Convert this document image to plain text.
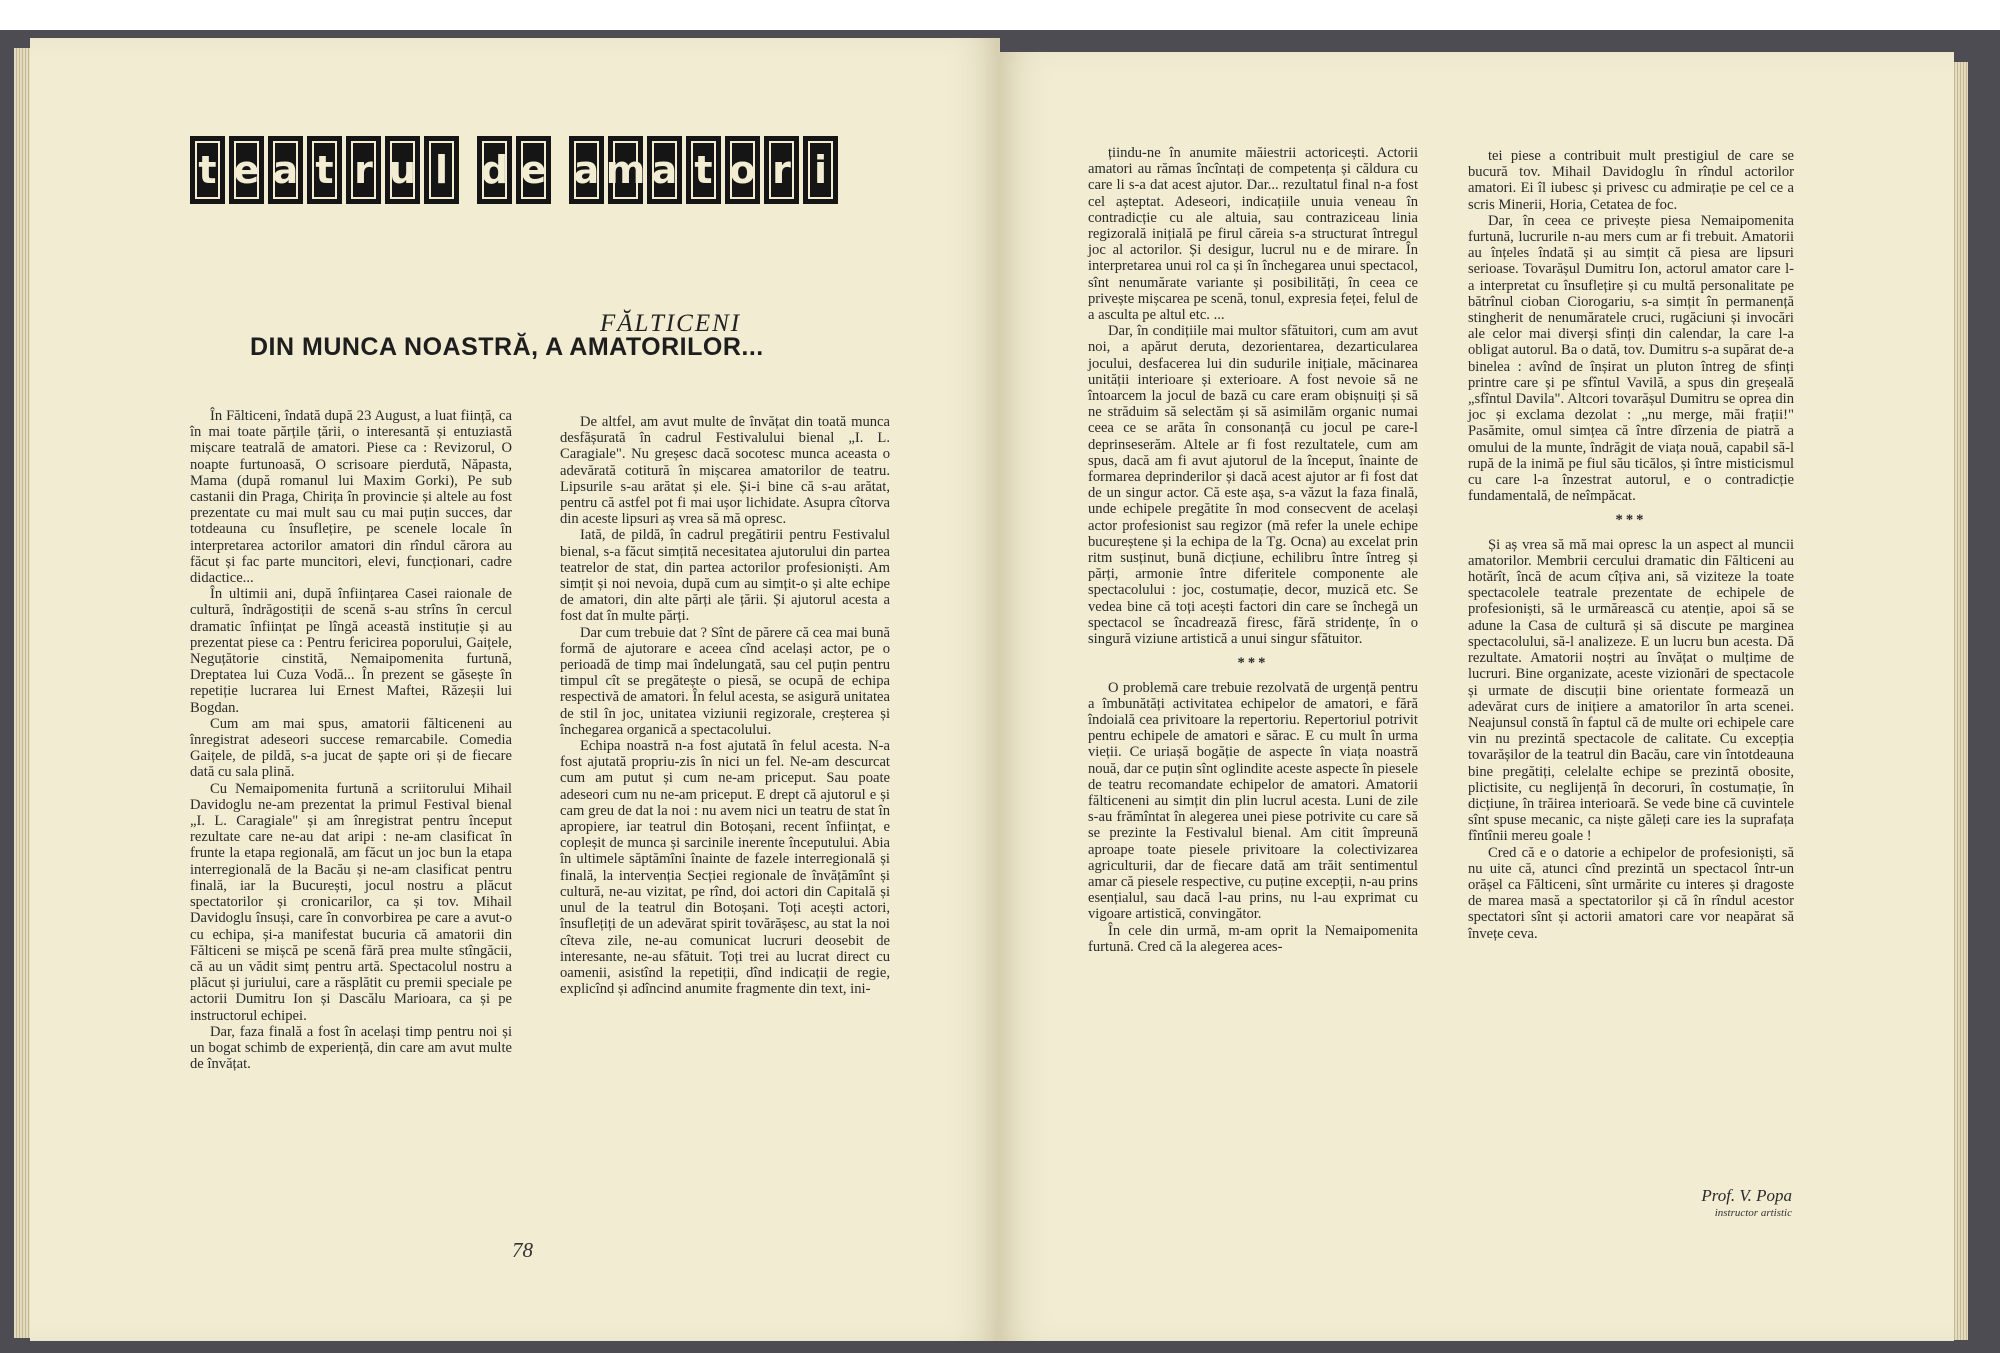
t e a t r u l d e a m a t o r i
FĂLTICENI
DIN MUNCA NOASTRĂ, A AMATORILOR...

În Fălticeni, îndată după 23 August, a luat ființă, ca în mai toate părțile țării, o interesantă și entuziastă mișcare teatrală de amatori. Piese ca : Revizorul, O noapte furtunoasă, O scrisoare pierdută, Năpasta, Mama (după romanul lui Maxim Gorki), Pe sub castanii din Praga, Chirița în provincie și altele au fost prezentate cu mai mult sau cu mai puțin succes, dar totdeauna cu însuflețire, pe scenele locale în interpretarea actorilor amatori din rîndul cărora au făcut și fac parte muncitori, elevi, funcționari, cadre didactice...

În ultimii ani, după înființarea Casei raionale de cultură, îndrăgostiții de scenă s-au strîns în cercul dramatic înființat pe lîngă această instituție și au prezentat piese ca : Pentru fericirea poporului, Gaițele, Neguțătorie cinstită, Nemaipomenita furtună, Dreptatea lui Cuza Vodă... În prezent se găsește în repetiție lucrarea lui Ernest Maftei, Răzeșii lui Bogdan.

Cum am mai spus, amatorii fălticeneni au înregistrat adeseori succese remarcabile. Comedia Gaițele, de pildă, s-a jucat de șapte ori și de fiecare dată cu sala plină.

Cu Nemaipomenita furtună a scriitorului Mihail Davidoglu ne-am prezentat la primul Festival bienal „I. L. Caragiale" și am înregistrat pentru început rezultate care ne-au dat aripi : ne-am clasificat în frunte la etapa regională, am făcut un joc bun la etapa interregională de la Bacău și ne-am clasificat pentru finală, iar la București, jocul nostru a plăcut spectatorilor și cronicarilor, ca și tov. Mihail Davidoglu însuși, care în convorbirea pe care a avut-o cu echipa, și-a manifestat bucuria că amatorii din Fălticeni se mișcă pe scenă fără prea multe stîngăcii, că au un vădit simț pentru artă. Spectacolul nostru a plăcut și juriului, care a răsplătit cu premii speciale pe actorii Dumitru Ion și Dascălu Marioara, ca și pe instructorul echipei.

Dar, faza finală a fost în același timp pentru noi și un bogat schimb de experiență, din care am avut multe de învățat.

De altfel, am avut multe de învățat din toată munca desfășurată în cadrul Festivalului bienal „I. L. Caragiale". Nu greșesc dacă socotesc munca aceasta o adevărată cotitură în mișcarea amatorilor de teatru. Lipsurile s-au arătat și ele. Și-i bine că s-au arătat, pentru că astfel pot fi mai ușor lichidate. Asupra cîtorva din aceste lipsuri aș vrea să mă opresc.

Iată, de pildă, în cadrul pregătirii pentru Festivalul bienal, s-a făcut simțită necesitatea ajutorului din partea teatrelor de stat, din partea actorilor profesioniști. Am simțit și noi nevoia, după cum au simțit-o și alte echipe de amatori, din alte părți ale țării. Și ajutorul acesta a fost dat în multe părți.

Dar cum trebuie dat ? Sînt de părere că cea mai bună formă de ajutorare e aceea cînd același actor, pe o perioadă de timp mai îndelungată, sau cel puțin pentru timpul cît se pregătește o piesă, se ocupă de echipa respectivă de amatori. În felul acesta, se asigură unitatea de stil în joc, unitatea viziunii regizorale, creșterea și închegarea organică a spectacolului.

Echipa noastră n-a fost ajutată în felul acesta. N-a fost ajutată propriu-zis în nici un fel. Ne-am descurcat cum am putut și cum ne-am priceput. Sau poate adeseori cum nu ne-am priceput. E drept că ajutorul e și cam greu de dat la noi : nu avem nici un teatru de stat în apropiere, iar teatrul din Botoșani, recent înființat, e copleșit de munca și sarcinile inerente începutului. Abia în ultimele săptămîni înainte de fazele interregională și finală, la intervenția Secției regionale de învățămînt și cultură, ne-au vizitat, pe rînd, doi actori din Capitală și unul de la teatrul din Botoșani. Toți acești actori, însuflețiți de un adevărat spirit tovărășesc, au stat la noi cîteva zile, ne-au comunicat lucruri deosebit de interesante, ne-au sfătuit. Toți trei au lucrat direct cu oamenii, asistînd la repetiții, dînd indicații de regie, explicînd și adîncind anumite fragmente din text, ini-

țiindu-ne în anumite măiestrii actoricești. Actorii amatori au rămas încîntați de competența și căldura cu care li s-a dat acest ajutor. Dar... rezultatul final n-a fost cel așteptat. Adeseori, indicațiile unuia veneau în contradicție cu ale altuia, sau contraziceau linia regizorală inițială pe firul căreia s-a structurat întregul joc al actorilor. Și desigur, lucrul nu e de mirare. În interpretarea unui rol ca și în închegarea unui spectacol, sînt nenumărate variante și posibilități, în ceea ce privește mișcarea pe scenă, tonul, expresia feței, felul de a asculta pe altul etc. ...

Dar, în condițiile mai multor sfătuitori, cum am avut noi, a apărut deruta, dezorientarea, dezarticularea jocului, desfacerea lui din sudurile inițiale, măcinarea unității interioare și exterioare. A fost nevoie să ne întoarcem la jocul de bază cu care eram obișnuiți și să ne străduim să selectăm și să asimilăm organic numai ceea ce se arăta în consonanță cu jocul pe care-l deprinseserăm. Altele ar fi fost rezultatele, cum am spus, dacă am fi avut ajutorul de la început, înainte de formarea deprinderilor și dacă acest ajutor ar fi fost dat de un singur actor. Că este așa, s-a văzut la faza finală, unde echipele pregătite în mod consecvent de același actor profesionist sau regizor (mă refer la unele echipe bucureștene și la echipa de la Tg. Ocna) au excelat prin ritm susținut, bună dicțiune, echilibru între întreg și părți, armonie între diferitele componente ale spectacolului : joc, costumație, decor, muzică etc. Se vedea bine că toți acești factori din care se închegă un spectacol se încadrează firesc, fără stridențe, în o singură viziune artistică a unui singur sfătuitor.

***

O problemă care trebuie rezolvată de urgență pentru a îmbunătăți activitatea echipelor de amatori, e fără îndoială cea privitoare la repertoriu. Repertoriul potrivit pentru echipele de amatori e sărac. E cu mult în urma vieții. Ce uriașă bogăție de aspecte în viața noastră nouă, dar ce puțin sînt oglindite aceste aspecte în piesele de teatru recomandate echipelor de amatori. Amatorii fălticeneni au simțit din plin lucrul acesta. Luni de zile s-au frămîntat în alegerea unei piese potrivite cu care să se prezinte la Festivalul bienal. Am citit împreună aproape toate piesele privitoare la colectivizarea agriculturii, dar de fiecare dată am trăit sentimentul amar că piesele respective, cu puține excepții, n-au prins esențialul, sau dacă l-au prins, nu l-au exprimat cu vigoare artistică, convingător.

În cele din urmă, m-am oprit la Nemaipomenita furtună. Cred că la alegerea aces-

tei piese a contribuit mult prestigiul de care se bucură tov. Mihail Davidoglu în rîndul actorilor amatori. Ei îl iubesc și privesc cu admirație pe cel ce a scris Minerii, Horia, Cetatea de foc.

Dar, în ceea ce privește piesa Nemaipomenita furtună, lucrurile n-au mers cum ar fi trebuit. Amatorii au înțeles îndată și au simțit că piesa are lipsuri serioase. Tovarășul Dumitru Ion, actorul amator care l-a interpretat cu însuflețire și cu multă personalitate pe bătrînul cioban Ciorogariu, s-a simțit în permanență stingherit de nenumăratele cruci, rugăciuni și invocări ale celor mai diverși sfinți din calendar, la care l-a obligat autorul. Ba o dată, tov. Dumitru s-a supărat de-a binelea : avînd de înșirat un pluton întreg de sfinți printre care și pe sfîntul Vavilă, a spus din greșeală „sfîntul Davila". Altcori tovarășul Dumitru se oprea din joc și exclama dezolat : „nu merge, măi frații!" Pasămite, omul simțea că între dîrzenia de piatră a omului de la munte, îndrăgit de viața nouă, capabil să-l rupă de la inimă pe fiul său ticălos, și între misticismul cu care l-a înzestrat autorul, e o contradicție fundamentală, de neîmpăcat.

***

Și aș vrea să mă mai opresc la un aspect al muncii amatorilor. Membrii cercului dramatic din Fălticeni au hotărît, încă de acum cîțiva ani, să viziteze la toate spectacolele teatrale prezentate de echipele de profesioniști, să le urmărească cu atenție, apoi să se adune la Casa de cultură și să discute pe marginea spectacolului, să-l analizeze. E un lucru bun acesta. Dă rezultate. Amatorii noștri au învățat o mulțime de lucruri. Bine organizate, aceste vizionări de spectacole și urmate de discuții bine orientate formează un adevărat curs de inițiere a amatorilor în arta scenei. Neajunsul constă în faptul că de multe ori echipele care vin nu prezintă spectacole de calitate. Cu excepția tovarășilor de la teatrul din Bacău, care vin întotdeauna bine pregătiți, celelalte echipe se prezintă obosite, plictisite, cu neglijență în decoruri, în costumație, în dicțiune, în trăirea interioară. Se vede bine că cuvintele sînt spuse mecanic, ca niște găleți care ies la suprafața fîntînii mereu goale !

Cred că e o datorie a echipelor de profesioniști, să nu uite că, atunci cînd prezintă un spectacol într-un orășel ca Fălticeni, sînt urmărite cu interes și dragoste de marea masă a spectatorilor și că în rîndul acestor spectatori sînt și actorii amatori care vor neapărat să învețe ceva.

Prof. V. Popa
instructor artistic
78
